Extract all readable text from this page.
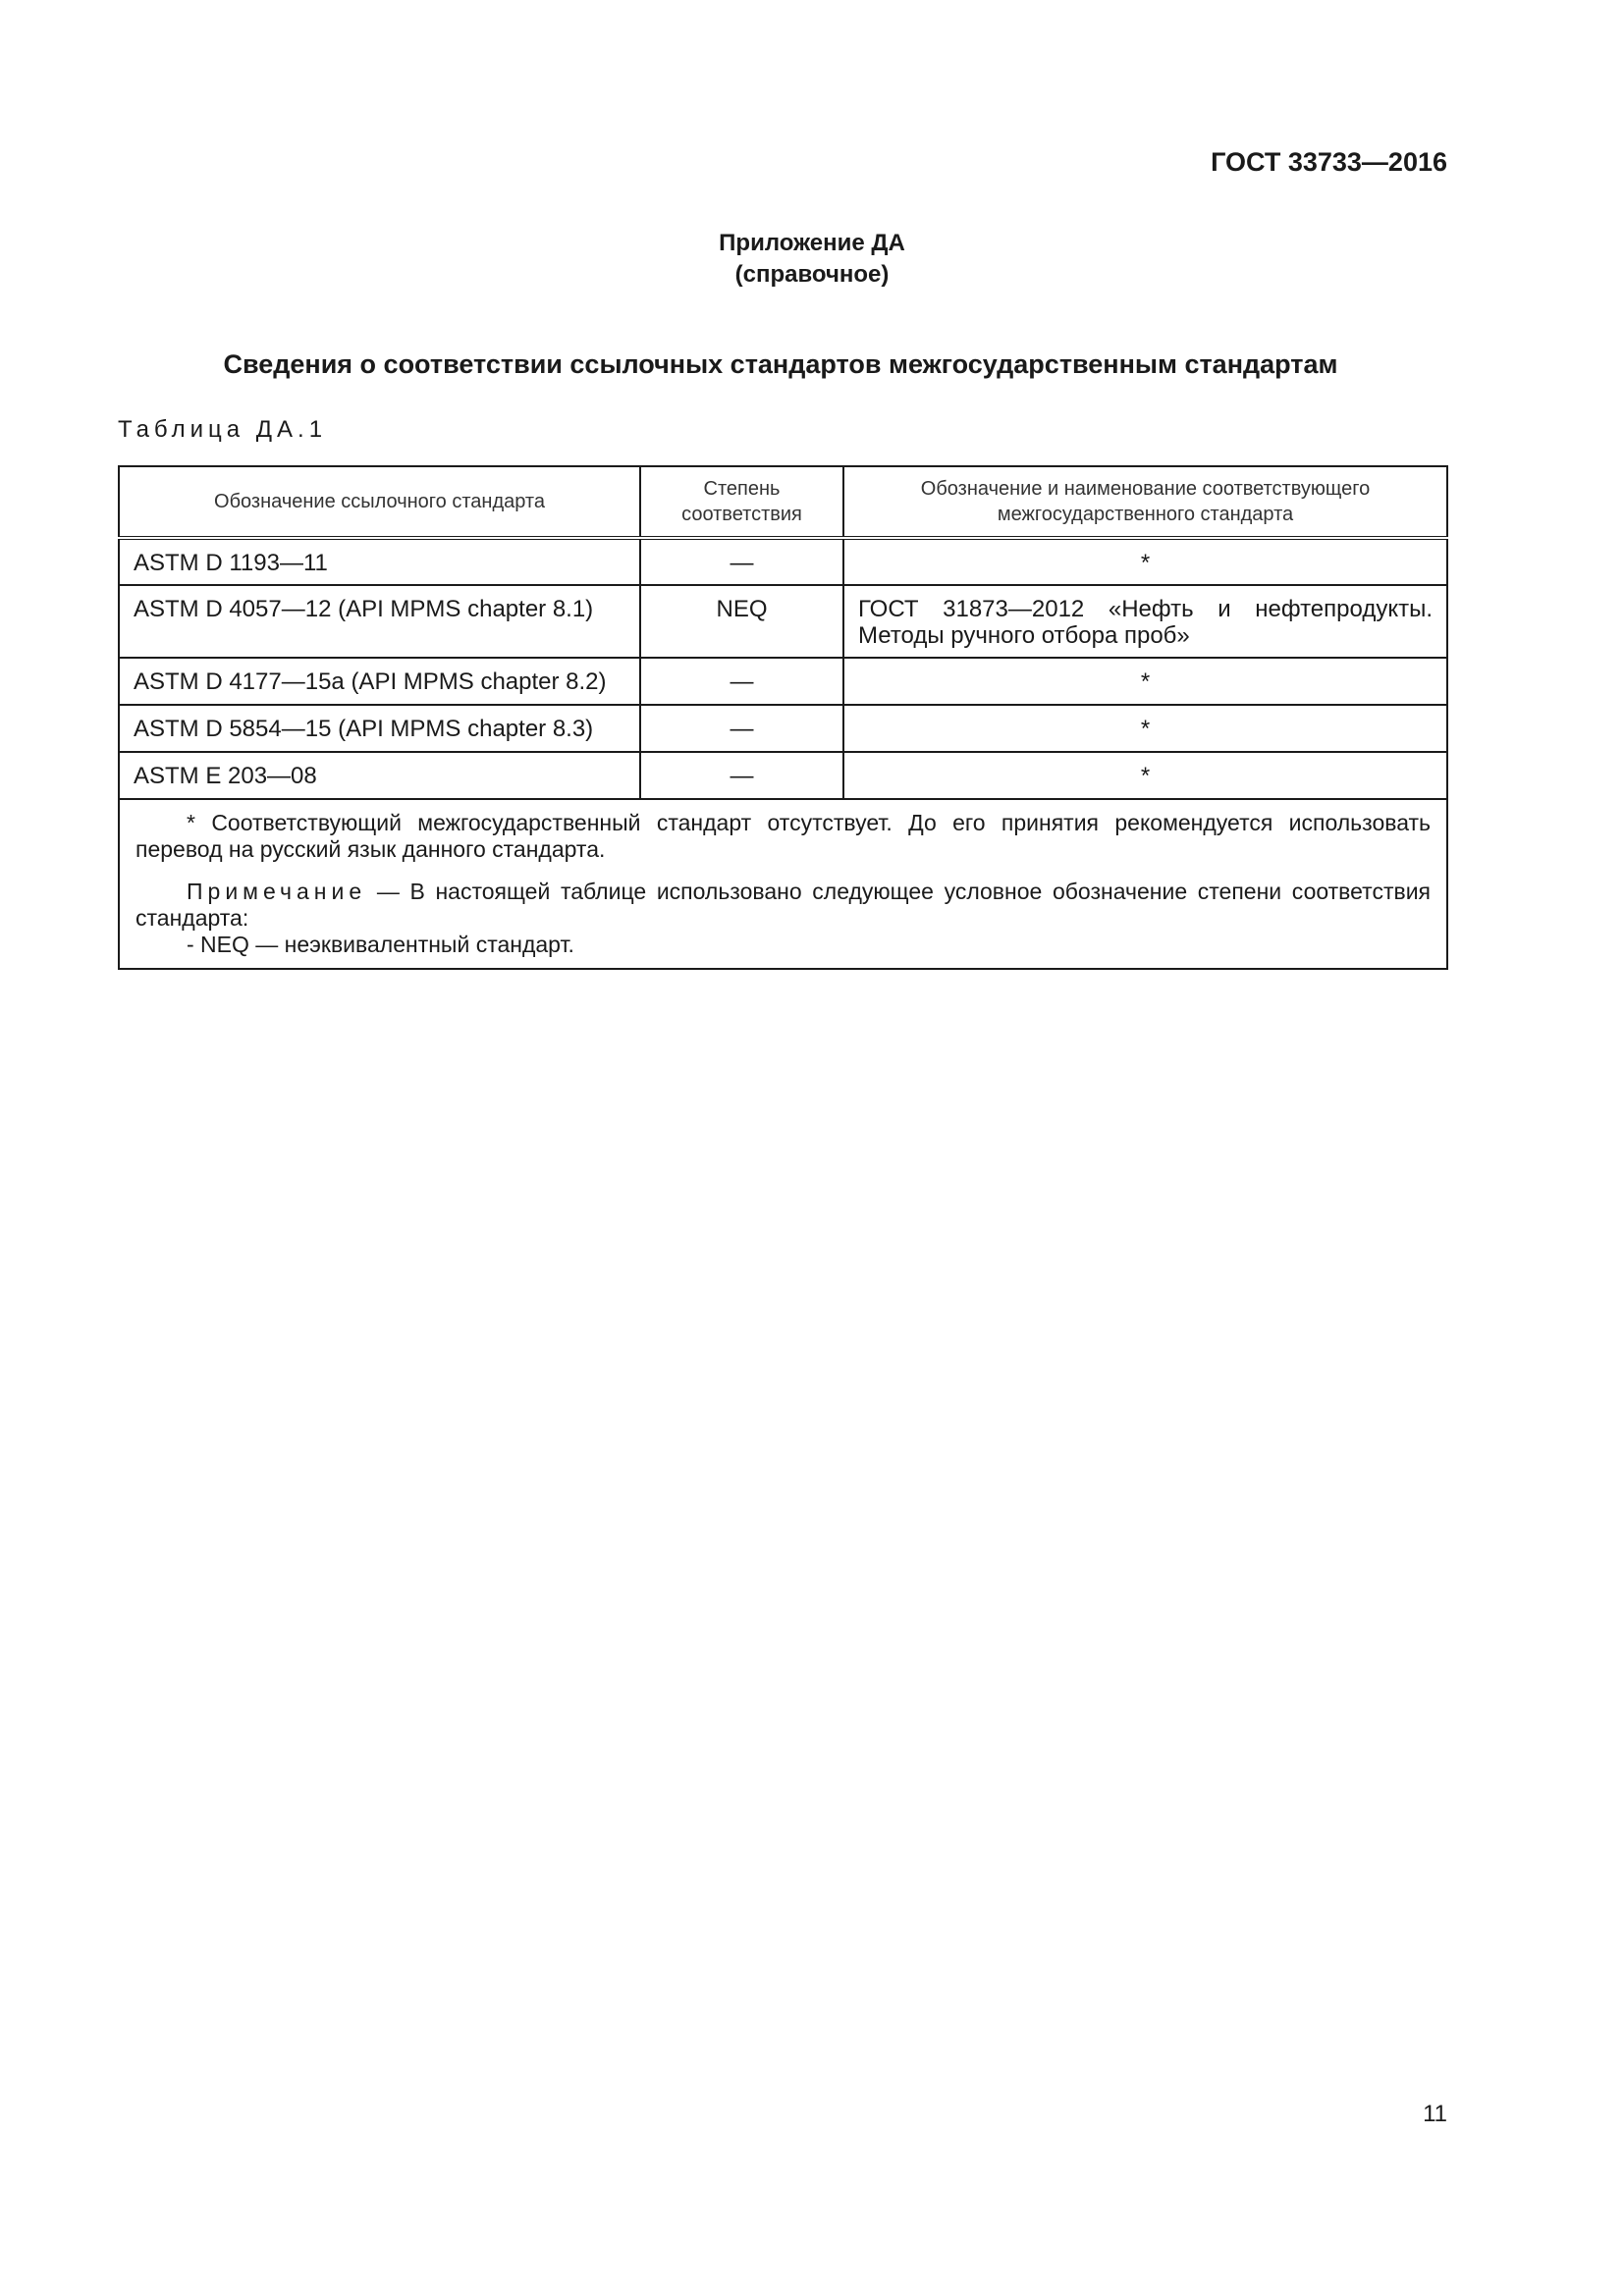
ГОСТ 33733—2016
Приложение ДА
(справочное)
Сведения о соответствии ссылочных стандартов межгосударственным стандартам
Таблица ДА.1
Обозначение ссылочного стандарта	Степень соответствия	Обозначение и наименование соответствующего межгосударственного стандарта
ASTM D 1193—11	—	*
ASTM D 4057—12 (API MPMS chapter 8.1)	NEQ	ГОСТ 31873—2012 «Нефть и нефтепродукты. Методы ручного отбора проб»
ASTM D 4177—15a (API MPMS chapter 8.2)	—	*
ASTM D 5854—15 (API MPMS chapter 8.3)	—	*
ASTM E 203—08	—	*

* Соответствующий межгосударственный стандарт отсутствует. До его принятия рекомендуется использовать перевод на русский язык данного стандарта.

Примечание — В настоящей таблице использовано следующее условное обозначение степени соответствия стандарта:

- NEQ — неэквивалентный стандарт.		
11
